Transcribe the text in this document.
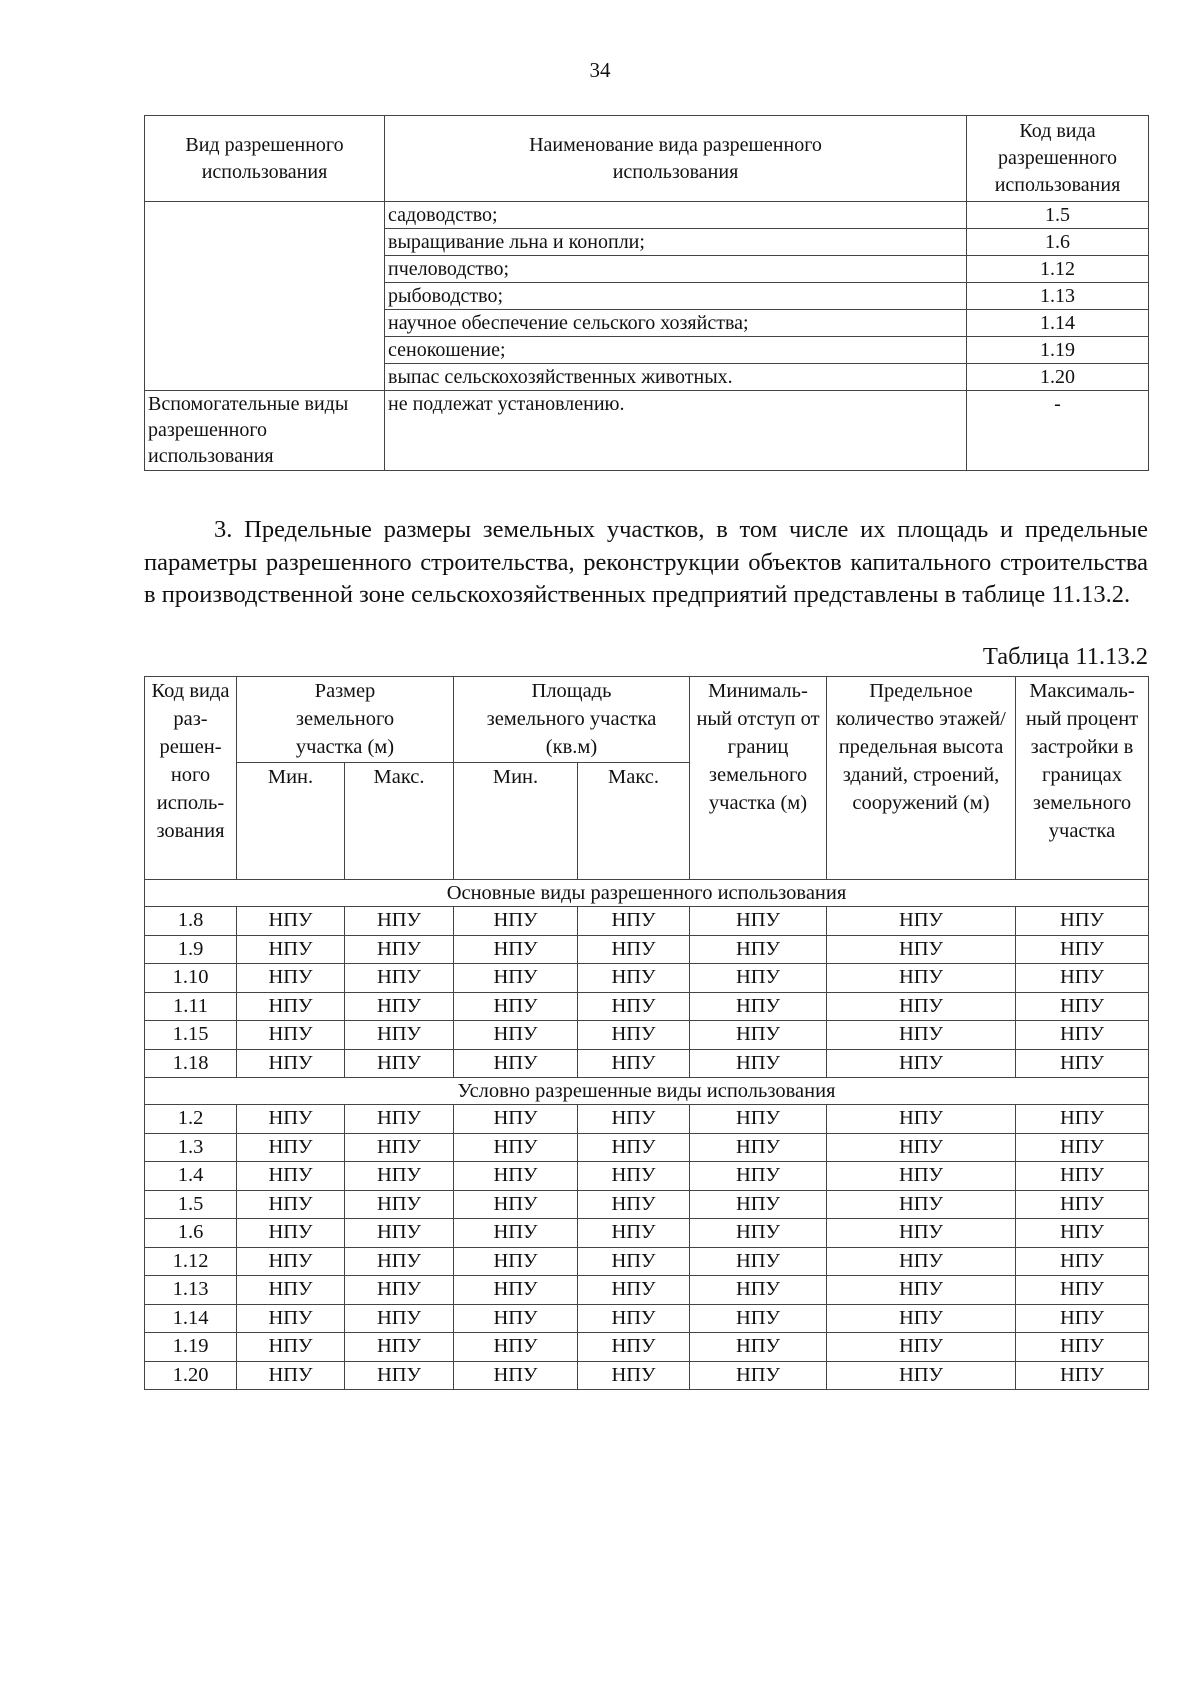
34
Вид разрешенного использования	Наименование вида разрешенного использования	Код вида разрешенного использования
	садоводство;	1.5
	выращивание льна и конопли;	1.6
	пчеловодство;	1.12
	рыбоводство;	1.13
	научное обеспечение сельского хозяйства;	1.14
	сенокошение;	1.19
	выпас сельскохозяйственных животных.	1.20
Вспомогательные виды разрешенного использования	не подлежат установлению.	-

3. Предельные размеры земельных участков, в том числе их площадь и предельные параметры разрешенного строительства, реконструкции объектов капитального строительства в производственной зоне сельскохозяйственных предприятий представлены в таблице 11.13.2.

Таблица 11.13.2
Код вида раз- решен- ного исполь- зования	Размер земельного участка (м)		Площадь земельного участка (кв.м)		Минималь- ный отступ от границ земельного участка (м)	Предельное количество этажей/ предельная высота зданий, строений, сооружений (м)	Максималь- ный процент застройки в границах земельного участка
	Мин.	Макс.	Мин.	Макс.			
Основные виды разрешенного использования							
1.8	НПУ	НПУ	НПУ	НПУ	НПУ	НПУ	НПУ
1.9	НПУ	НПУ	НПУ	НПУ	НПУ	НПУ	НПУ
1.10	НПУ	НПУ	НПУ	НПУ	НПУ	НПУ	НПУ
1.11	НПУ	НПУ	НПУ	НПУ	НПУ	НПУ	НПУ
1.15	НПУ	НПУ	НПУ	НПУ	НПУ	НПУ	НПУ
1.18	НПУ	НПУ	НПУ	НПУ	НПУ	НПУ	НПУ
Условно разрешенные виды использования							
1.2	НПУ	НПУ	НПУ	НПУ	НПУ	НПУ	НПУ
1.3	НПУ	НПУ	НПУ	НПУ	НПУ	НПУ	НПУ
1.4	НПУ	НПУ	НПУ	НПУ	НПУ	НПУ	НПУ
1.5	НПУ	НПУ	НПУ	НПУ	НПУ	НПУ	НПУ
1.6	НПУ	НПУ	НПУ	НПУ	НПУ	НПУ	НПУ
1.12	НПУ	НПУ	НПУ	НПУ	НПУ	НПУ	НПУ
1.13	НПУ	НПУ	НПУ	НПУ	НПУ	НПУ	НПУ
1.14	НПУ	НПУ	НПУ	НПУ	НПУ	НПУ	НПУ
1.19	НПУ	НПУ	НПУ	НПУ	НПУ	НПУ	НПУ
1.20	НПУ	НПУ	НПУ	НПУ	НПУ	НПУ	НПУ
